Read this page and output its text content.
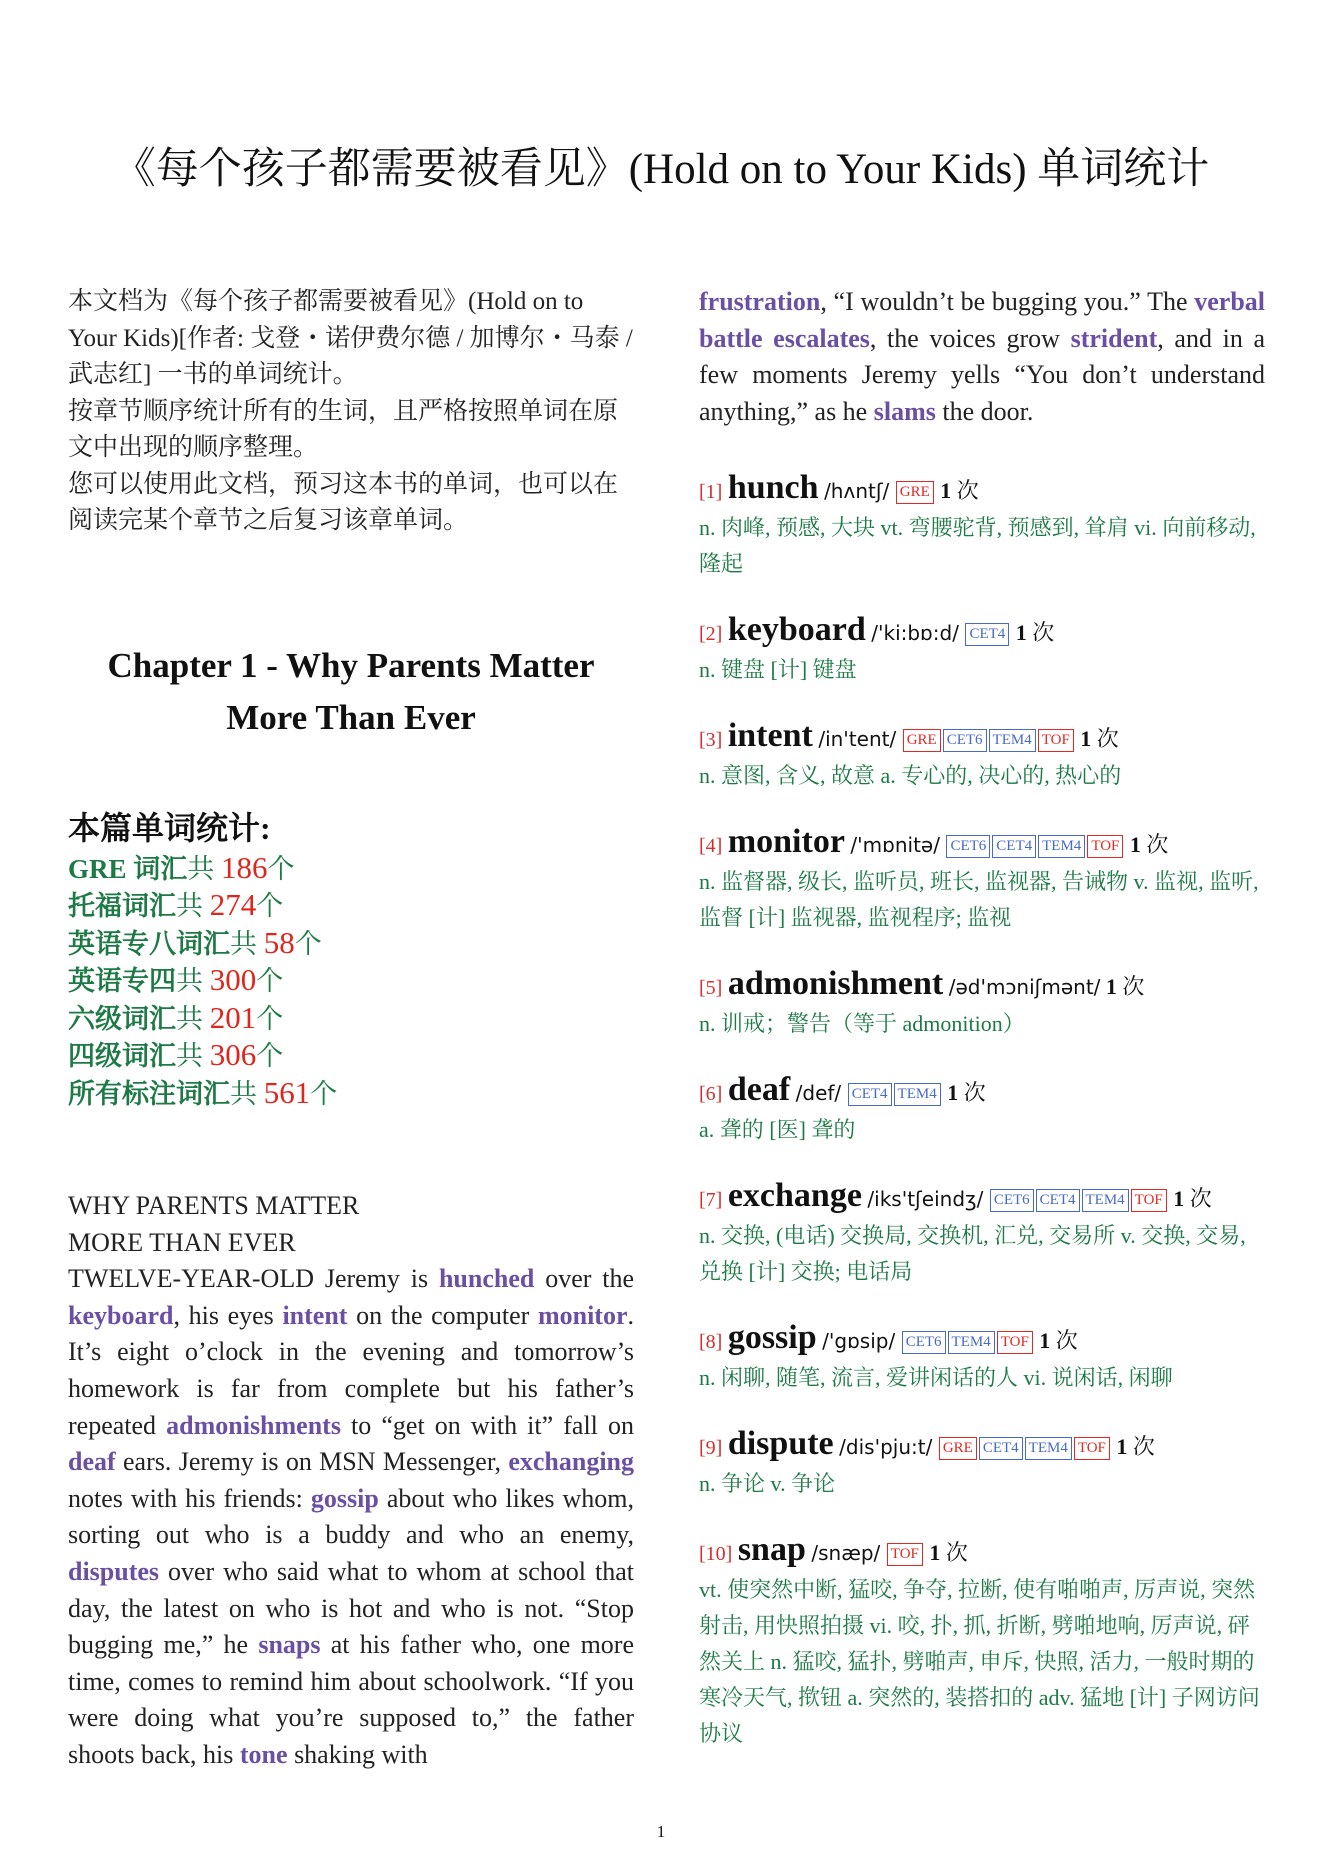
《每个孩子都需要被看见》(Hold on to Your Kids) 单词统计

本文档为《每个孩子都需要被看见》(Hold on to Your Kids)[作者: 戈登・诺伊费尔德 / 加博尔・马泰 / 武志红] 一书的单词统计。

按章节顺序统计所有的生词，且严格按照单词在原文中出现的顺序整理。

您可以使用此文档，预习这本书的单词，也可以在阅读完某个章节之后复习该章单词。

Chapter 1 - Why Parents Matter More Than Ever
本篇单词统计:
GRE 词汇共 186个
托福词汇共 274个
英语专八词汇共 58个
英语专四共 300个
六级词汇共 201个
四级词汇共 306个
所有标注词汇共 561个
WHY PARENTS MATTER
MORE THAN EVER
TWELVE-YEAR-OLD Jeremy is hunched over the keyboard, his eyes intent on the computer monitor. It’s eight o’clock in the evening and tomorrow’s homework is far from complete but his father’s repeated admonishments to “get on with it” fall on deaf ears. Jeremy is on MSN Messenger, exchanging notes with his friends: gossip about who likes whom, sorting out who is a buddy and who an enemy, disputes over who said what to whom at school that day, the latest on who is hot and who is not. “Stop bugging me,” he snaps at his father who, one more time, comes to remind him about schoolwork. “If you were doing what you’re supposed to,” the father shoots back, his tone shaking with
frustration, “I wouldn’t be bugging you.” The verbal battle escalates, the voices grow strident, and in a few moments Jeremy yells “You don’t understand anything,” as he slams the door.
[1] hunch /hʌntʃ/ GRE 1 次
n. 肉峰, 预感, 大块 vt. 弯腰驼背, 预感到, 耸肩 vi. 向前移动, 隆起
[2] keyboard /'ki:bɒ:d/ CET4 1 次
n. 键盘 [计] 键盘
[3] intent /in'tent/ GRE CET6 TEM4 TOF 1 次
n. 意图, 含义, 故意 a. 专心的, 决心的, 热心的
[4] monitor /'mɒnitə/ CET6 CET4 TEM4 TOF 1 次
n. 监督器, 级长, 监听员, 班长, 监视器, 告诫物 v. 监视, 监听, 监督 [计] 监视器, 监视程序; 监视
[5] admonishment /əd'mɔniʃmənt/ 1 次
n. 训戒；警告（等于 admonition）
[6] deaf /def/ CET4 TEM4 1 次
a. 聋的 [医] 聋的
[7] exchange /iks'tʃeindʒ/ CET6 CET4 TEM4 TOF 1 次
n. 交换, (电话) 交换局, 交换机, 汇兑, 交易所 v. 交换, 交易, 兑换 [计] 交换; 电话局
[8] gossip /'gɒsip/ CET6 TEM4 TOF 1 次
n. 闲聊, 随笔, 流言, 爱讲闲话的人 vi. 说闲话, 闲聊
[9] dispute /dis'pju:t/ GRE CET4 TEM4 TOF 1 次
n. 争论 v. 争论
[10] snap /snæp/ TOF 1 次
vt. 使突然中断, 猛咬, 争夺, 拉断, 使有啪啪声, 厉声说, 突然射击, 用快照拍摄 vi. 咬, 扑, 抓, 折断, 劈啪地响, 厉声说, 砰然关上 n. 猛咬, 猛扑, 劈啪声, 申斥, 快照, 活力, 一般时期的寒冷天气, 揿钮 a. 突然的, 装搭扣的 adv. 猛地 [计] 子网访问协议
1
